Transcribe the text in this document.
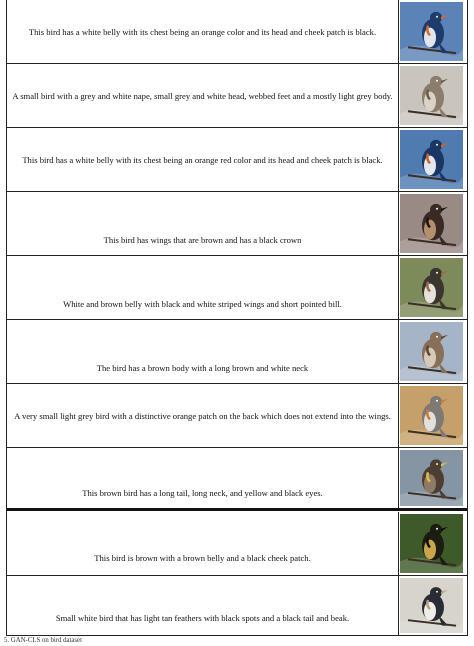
This bird has a white belly with its chest being an orange color and its head and cheek patch is black.
A small bird with a grey and white nape, small grey and white head, webbed feet and a mostly light grey body.
This bird has a white belly with its chest being an orange red color and its head and cheek patch is black.
This bird has wings that are brown and has a black crown
White and brown belly with black and white striped wings and short pointed bill.
The bird has a brown body with a long brown and white neck
A very small light grey bird with a distinctive orange patch on the back which does not extend into the wings.
This brown bird has a long tail, long neck, and yellow and black eyes.
This bird is brown with a brown belly and a black cheek patch.
Small white bird that has light tan feathers with black spots and a black tail and beak.
5. GAN-CLS on bird dataset
